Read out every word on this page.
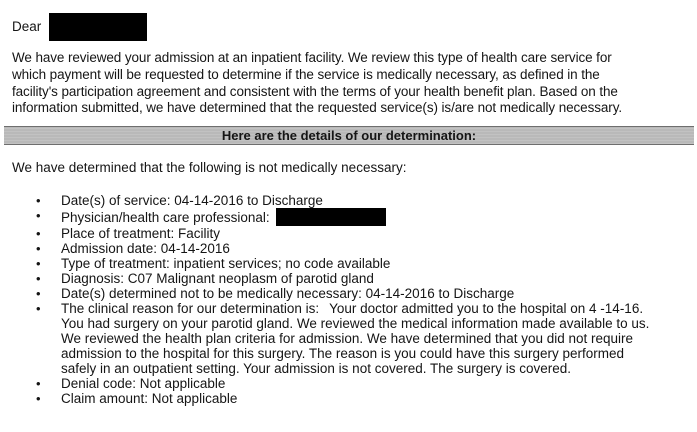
Dear
We have reviewed your admission at an inpatient facility. We review this type of health care service for
which payment will be requested to determine if the service is medically necessary, as defined in the
facility's participation agreement and consistent with the terms of your health benefit plan. Based on the
information submitted, we have determined that the requested service(s) is/are not medically necessary.
Here are the details of our determination:
We have determined that the following is not medically necessary:
• Date(s) of service: 04-14-2016 to Discharge
• Physician/health care professional:
• Place of treatment: Facility
• Admission date: 04-14-2016
• Type of treatment: inpatient services; no code available
• Diagnosis: C07 Malignant neoplasm of parotid gland
• Date(s) determined not to be medically necessary: 04-14-2016 to Discharge
• The clinical reason for our determination is: Your doctor admitted you to the hospital on 4 -14-16.
You had surgery on your parotid gland. We reviewed the medical information made available to us.
We reviewed the health plan criteria for admission. We have determined that you did not require
admission to the hospital for this surgery. The reason is you could have this surgery performed
safely in an outpatient setting. Your admission is not covered. The surgery is covered.
• Denial code: Not applicable
• Claim amount: Not applicable
